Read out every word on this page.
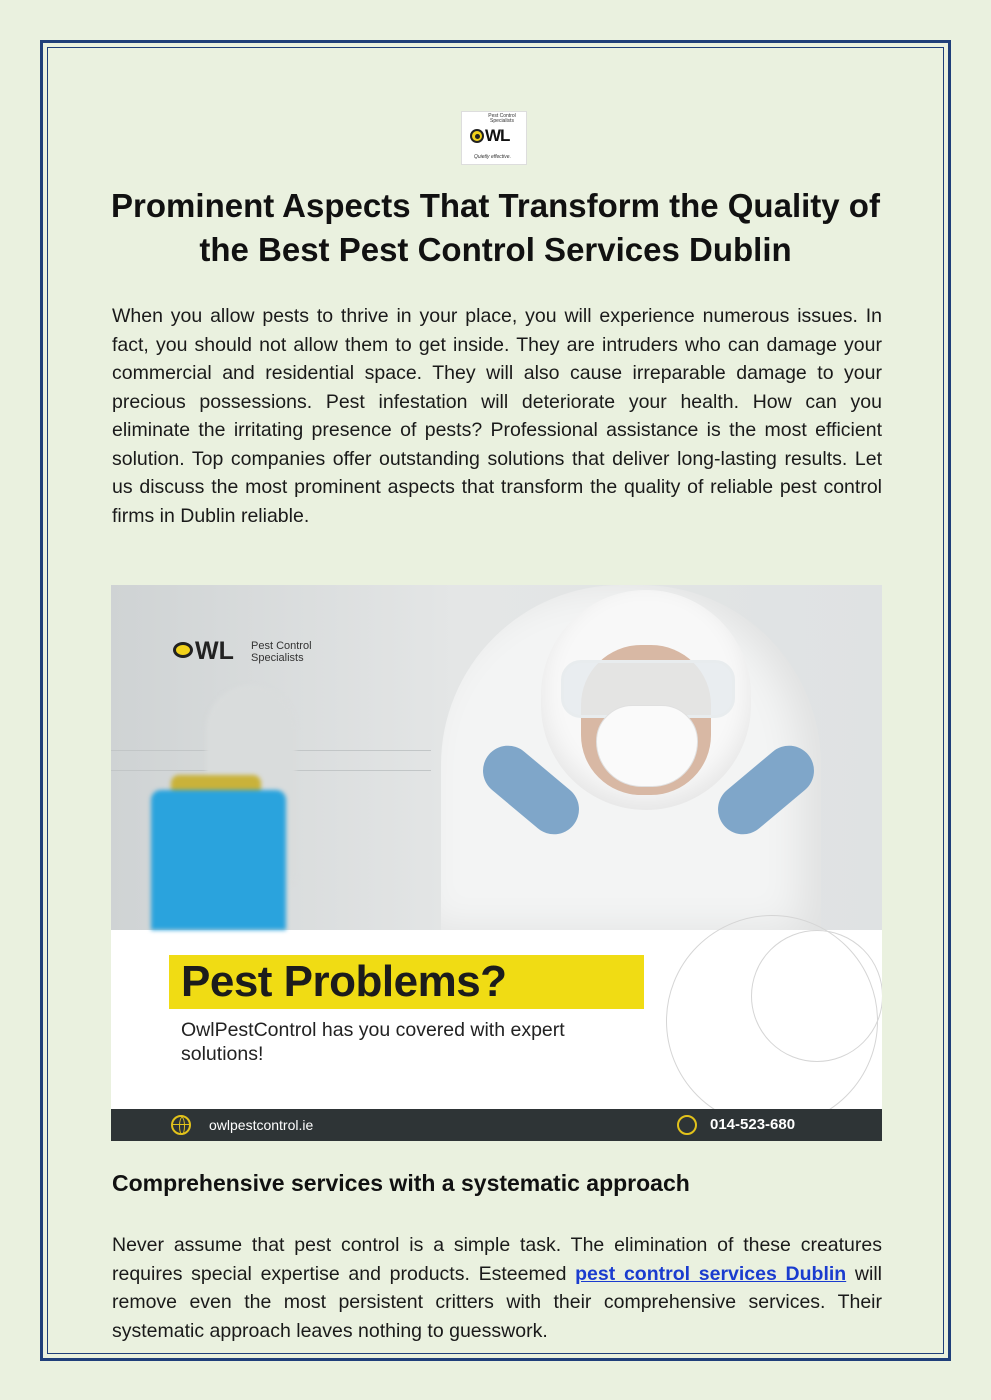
Pest Control Specialists
WL
Quietly effective.
Prominent Aspects That Transform the Quality of the Best Pest Control Services Dublin
When you allow pests to thrive in your place, you will experience numerous issues. In fact, you should not allow them to get inside. They are intruders who can damage your commercial and residential space. They will also cause irreparable damage to your precious possessions. Pest infestation will deteriorate your health. How can you eliminate the irritating presence of pests? Professional assistance is the most efficient solution. Top companies offer outstanding solutions that deliver long-lasting results. Let us discuss the most prominent aspects that transform the quality of reliable pest control firms in Dublin reliable.
WL Pest Control Specialists
Pest Problems?
OwlPestControl has you covered with expert solutions!
owlpestcontrol.ie	014-523-680
Comprehensive services with a systematic approach
Never assume that pest control is a simple task. The elimination of these creatures requires special expertise and products. Esteemed pest control services Dublin will remove even the most persistent critters with their comprehensive services. Their systematic approach leaves nothing to guesswork.
